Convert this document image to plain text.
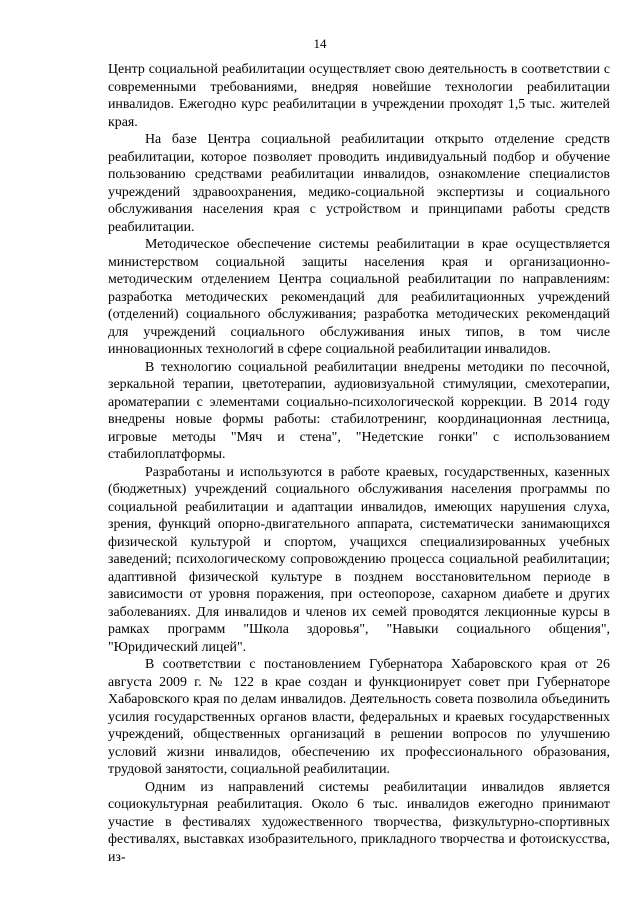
14

Центр социальной реабилитации осуществляет свою деятельность в соответствии с современными требованиями, внедряя новейшие технологии реабилитации инвалидов. Ежегодно курс реабилитации в учреждении проходят 1,5 тыс. жителей края.

На базе Центра социальной реабилитации открыто отделение средств реабилитации, которое позволяет проводить индивидуальный подбор и обучение пользованию средствами реабилитации инвалидов, ознакомление специалистов учреждений здравоохранения, медико-социальной экспертизы и социального обслуживания населения края с устройством и принципами работы средств реабилитации.

Методическое обеспечение системы реабилитации в крае осуществляется министерством социальной защиты населения края и организационно-методическим отделением Центра социальной реабилитации по направлениям: разработка методических рекомендаций для реабилитационных учреждений (отделений) социального обслуживания; разработка методических рекомендаций для учреждений социального обслуживания иных типов, в том числе инновационных технологий в сфере социальной реабилитации инвалидов.

В технологию социальной реабилитации внедрены методики по песочной, зеркальной терапии, цветотерапии, аудиовизуальной стимуляции, смехотерапии, ароматерапии с элементами социально-психологической коррекции. В 2014 году внедрены новые формы работы: стабилотренинг, координационная лестница, игровые методы "Мяч и стена", "Недетские гонки" с использованием стабилоплатформы.

Разработаны и используются в работе краевых, государственных, казенных (бюджетных) учреждений социального обслуживания населения программы по социальной реабилитации и адаптации инвалидов, имеющих нарушения слуха, зрения, функций опорно-двигательного аппарата, систематически занимающихся физической культурой и спортом, учащихся специализированных учебных заведений; психологическому сопровождению процесса социальной реабилитации; адаптивной физической культуре в позднем восстановительном периоде в зависимости от уровня поражения, при остеопорозе, сахарном диабете и других заболеваниях. Для инвалидов и членов их семей проводятся лекционные курсы в рамках программ "Школа здоровья", "Навыки социального общения", "Юридический лицей".

В соответствии с постановлением Губернатора Хабаровского края от 26 августа 2009 г. № 122 в крае создан и функционирует совет при Губернаторе Хабаровского края по делам инвалидов. Деятельность совета позволила объединить усилия государственных органов власти, федеральных и краевых государственных учреждений, общественных организаций в решении вопросов по улучшению условий жизни инвалидов, обеспечению их профессионального образования, трудовой занятости, социальной реабилитации.

Одним из направлений системы реабилитации инвалидов является социокультурная реабилитация. Около 6 тыс. инвалидов ежегодно принимают участие в фестивалях художественного творчества, физкультурно-спортивных фестивалях, выставках изобразительного, прикладного творчества и фотоискусства, из-
